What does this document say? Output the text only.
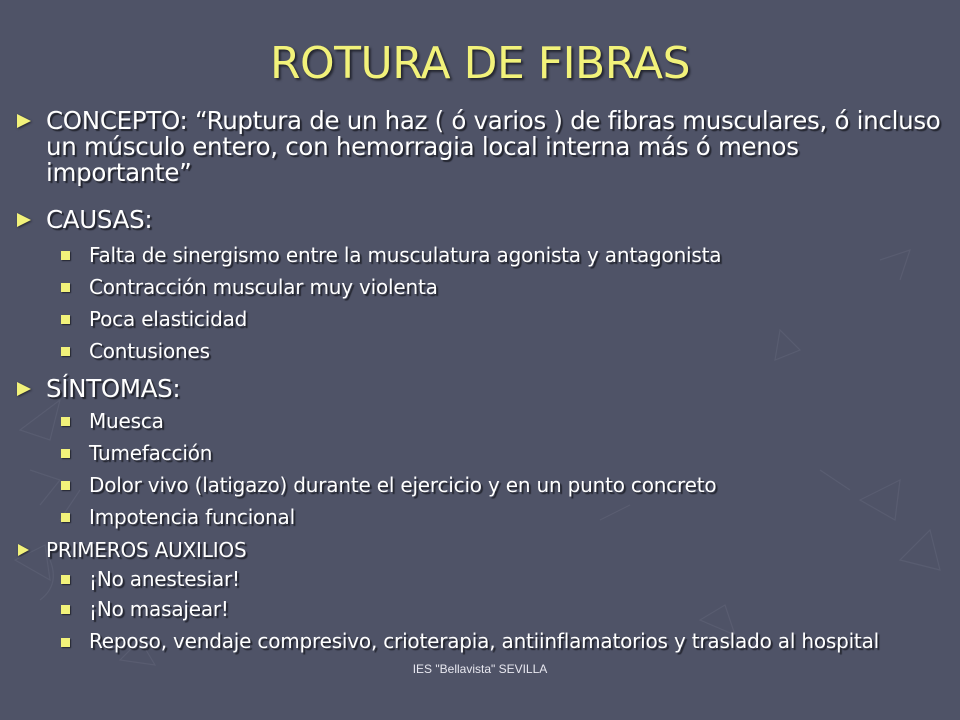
ROTURA DE FIBRAS
CONCEPTO: “Ruptura de un haz ( ó varios ) de fibras musculares, ó incluso un músculo entero, con hemorragia local interna más ó menos importante”
CAUSAS:
Falta de sinergismo entre la musculatura agonista y antagonista
Contracción muscular muy violenta
Poca elasticidad
Contusiones
SÍNTOMAS:
Muesca
Tumefacción
Dolor vivo (latigazo) durante el ejercicio y en un punto concreto
Impotencia funcional
PRIMEROS AUXILIOS
¡No anestesiar!
¡No masajear!
Reposo, vendaje compresivo, crioterapia, antiinflamatorios y traslado al hospital
IES "Bellavista" SEVILLA
